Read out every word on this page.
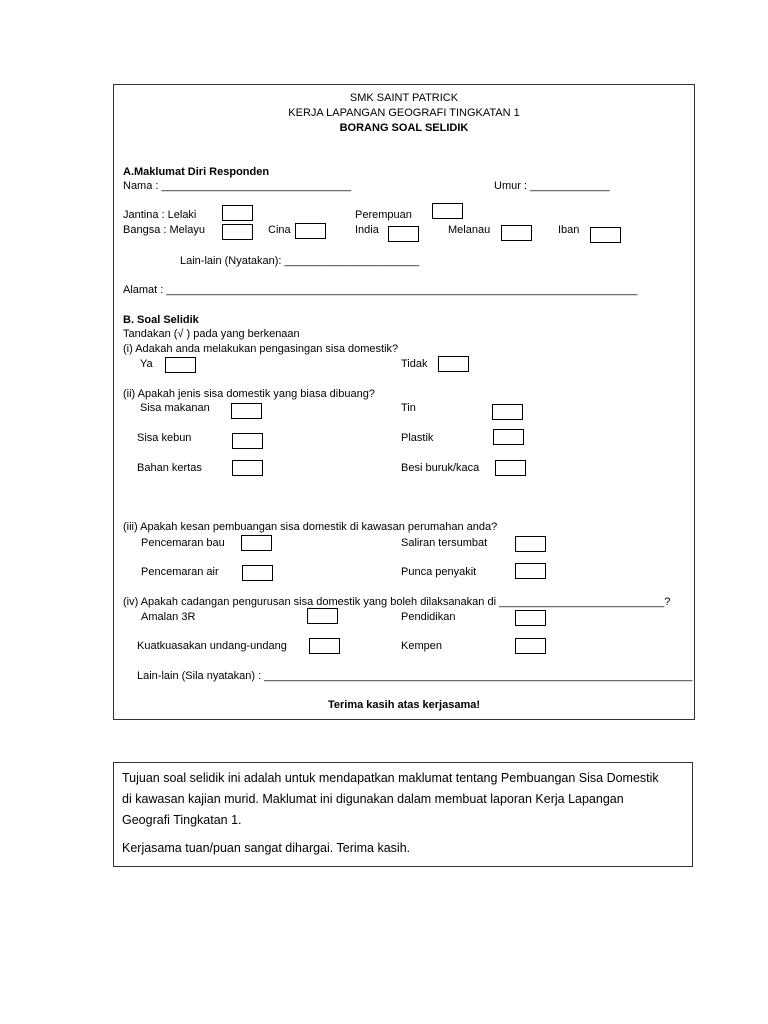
SMK SAINT PATRICK
KERJA LAPANGAN GEOGRAFI TINGKATAN 1
BORANG SOAL SELIDIK
A.Maklumat Diri Responden
Nama : _______________________________	Umur : _____________
Jantina : Lelaki	Perempuan
Bangsa : Melayu	Cina	India	Melanau	Iban
Lain-lain (Nyatakan): ______________________
Alamat : _____________________________________________________________________________
B. Soal Selidik
Tandakan (√ ) pada yang berkenaan
(i) Adakah anda melakukan pengasingan sisa domestik?
Ya	Tidak
(ii) Apakah jenis sisa domestik yang biasa dibuang?
Sisa makanan	Tin
Sisa kebun	Plastik
Bahan kertas	Besi buruk/kaca
(iii) Apakah kesan pembuangan sisa domestik di kawasan perumahan anda?
Pencemaran bau	Saliran tersumbat
Pencemaran air	Punca penyakit
(iv) Apakah cadangan pengurusan sisa domestik yang boleh dilaksanakan di ___________________________?
Amalan 3R	Pendidikan
Kuatkuasakan undang-undang	Kempen
Lain-lain (Sila nyatakan) : ______________________________________________________________________
Terima kasih atas kerjasama!
Tujuan soal selidik ini adalah untuk mendapatkan maklumat tentang Pembuangan Sisa Domestik
di kawasan kajian murid. Maklumat ini digunakan dalam membuat laporan Kerja Lapangan
Geografi Tingkatan 1.
Kerjasama tuan/puan sangat dihargai. Terima kasih.
